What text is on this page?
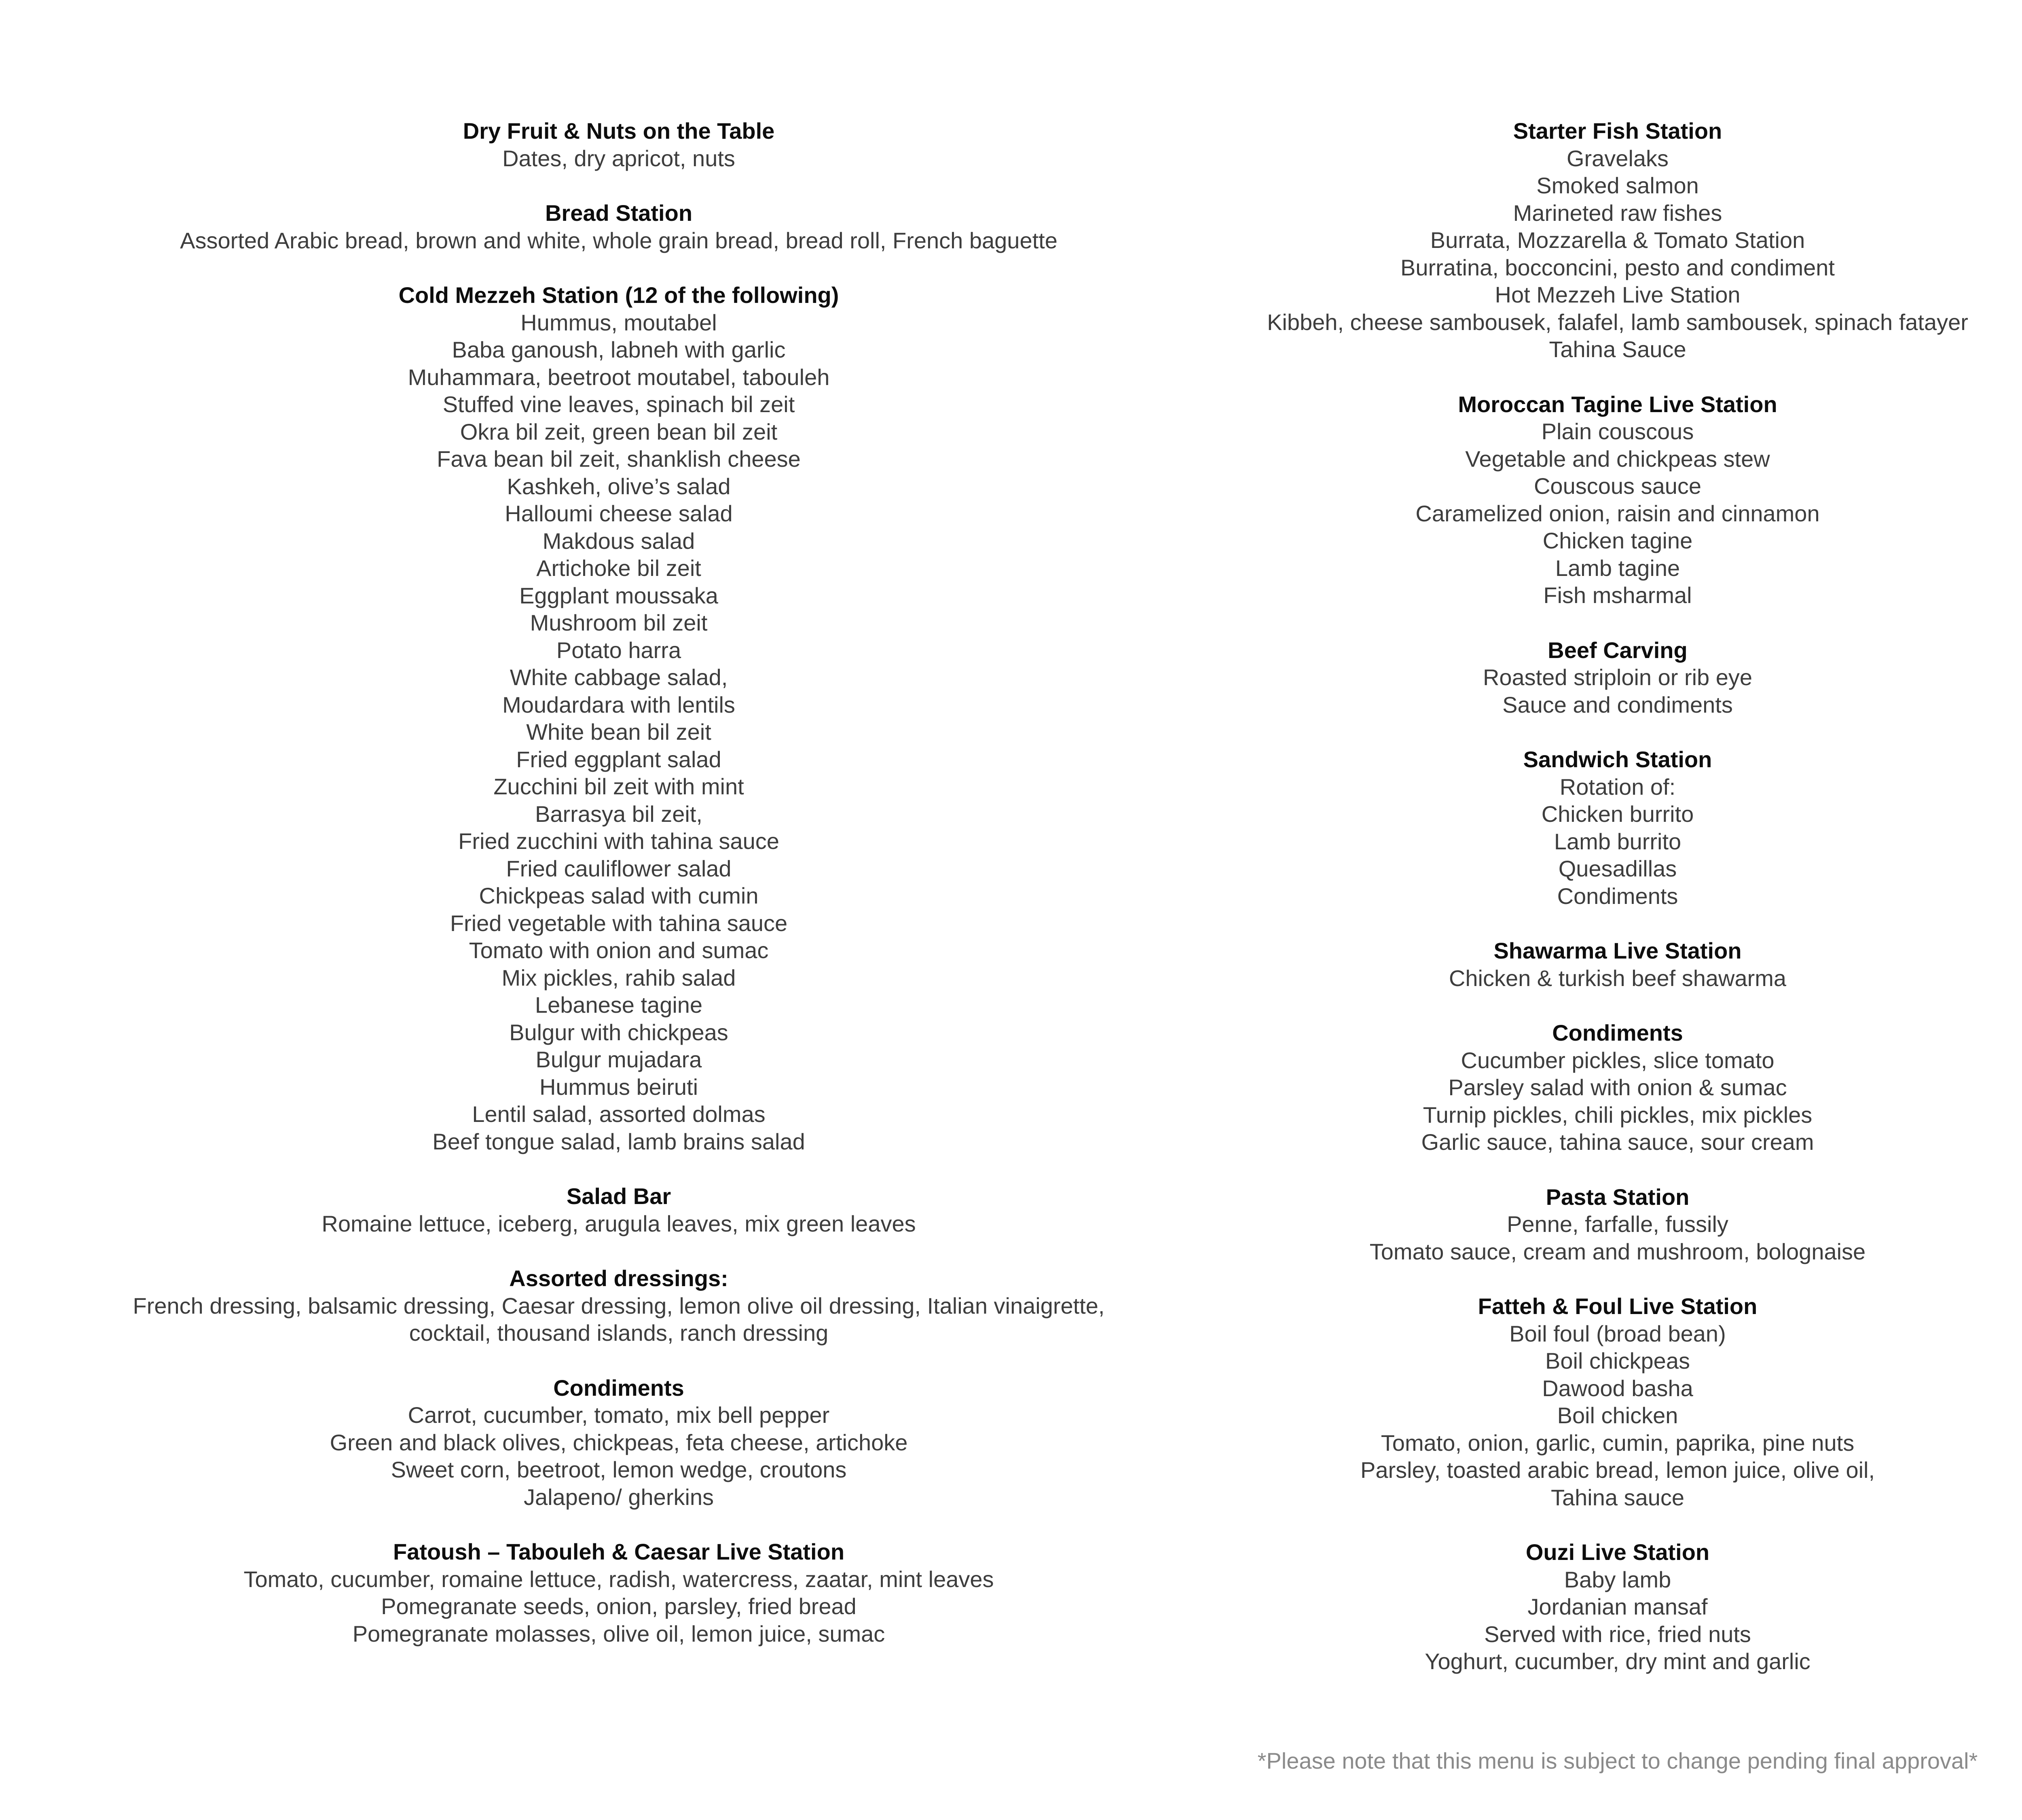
Dry Fruit & Nuts on the Table
Dates, dry apricot, nuts
Bread Station
Assorted Arabic bread, brown and white, whole grain bread, bread roll, French baguette
Cold Mezzeh Station (12 of the following)
Hummus, moutabel
Baba ganoush, labneh with garlic
Muhammara, beetroot moutabel, tabouleh
Stuffed vine leaves, spinach bil zeit
Okra bil zeit, green bean bil zeit
Fava bean bil zeit, shanklish cheese
Kashkeh, olive’s salad
Halloumi cheese salad
Makdous salad
Artichoke bil zeit
Eggplant moussaka
Mushroom bil zeit
Potato harra
White cabbage salad,
Moudardara with lentils
White bean bil zeit
Fried eggplant salad
Zucchini bil zeit with mint
Barrasya bil zeit,
Fried zucchini with tahina sauce
Fried cauliflower salad
Chickpeas salad with cumin
Fried vegetable with tahina sauce
Tomato with onion and sumac
Mix pickles, rahib salad
Lebanese tagine
Bulgur with chickpeas
Bulgur mujadara
Hummus beiruti
Lentil salad, assorted dolmas
Beef tongue salad, lamb brains salad
Salad Bar
Romaine lettuce, iceberg, arugula leaves, mix green leaves
Assorted dressings:
French dressing, balsamic dressing, Caesar dressing, lemon olive oil dressing, Italian vinaigrette,
cocktail, thousand islands, ranch dressing
Condiments
Carrot, cucumber, tomato, mix bell pepper
Green and black olives, chickpeas, feta cheese, artichoke
Sweet corn, beetroot, lemon wedge, croutons
Jalapeno/ gherkins
Fatoush – Tabouleh & Caesar Live Station
Tomato, cucumber, romaine lettuce, radish, watercress, zaatar, mint leaves
Pomegranate seeds, onion, parsley, fried bread
Pomegranate molasses, olive oil, lemon juice, sumac
Starter Fish Station
Gravelaks
Smoked salmon
Marineted raw fishes
Burrata, Mozzarella & Tomato Station
Burratina, bocconcini, pesto and condiment
Hot Mezzeh Live Station
Kibbeh, cheese sambousek, falafel, lamb sambousek, spinach fatayer
Tahina Sauce
Moroccan Tagine Live Station
Plain couscous
Vegetable and chickpeas stew
Couscous sauce
Caramelized onion, raisin and cinnamon
Chicken tagine
Lamb tagine
Fish msharmal
Beef Carving
Roasted striploin or rib eye
Sauce and condiments
Sandwich Station
Rotation of:
Chicken burrito
Lamb burrito
Quesadillas
Condiments
Shawarma Live Station
Chicken & turkish beef shawarma
Condiments
Cucumber pickles, slice tomato
Parsley salad with onion & sumac
Turnip pickles, chili pickles, mix pickles
Garlic sauce, tahina sauce, sour cream
Pasta Station
Penne, farfalle, fussily
Tomato sauce, cream and mushroom, bolognaise
Fatteh & Foul Live Station
Boil foul (broad bean)
Boil chickpeas
Dawood basha
Boil chicken
Tomato, onion, garlic, cumin, paprika, pine nuts
Parsley, toasted arabic bread, lemon juice, olive oil,
Tahina sauce
Ouzi Live Station
Baby lamb
Jordanian mansaf
Served with rice, fried nuts
Yoghurt, cucumber, dry mint and garlic
*Please note that this menu is subject to change pending final approval*
